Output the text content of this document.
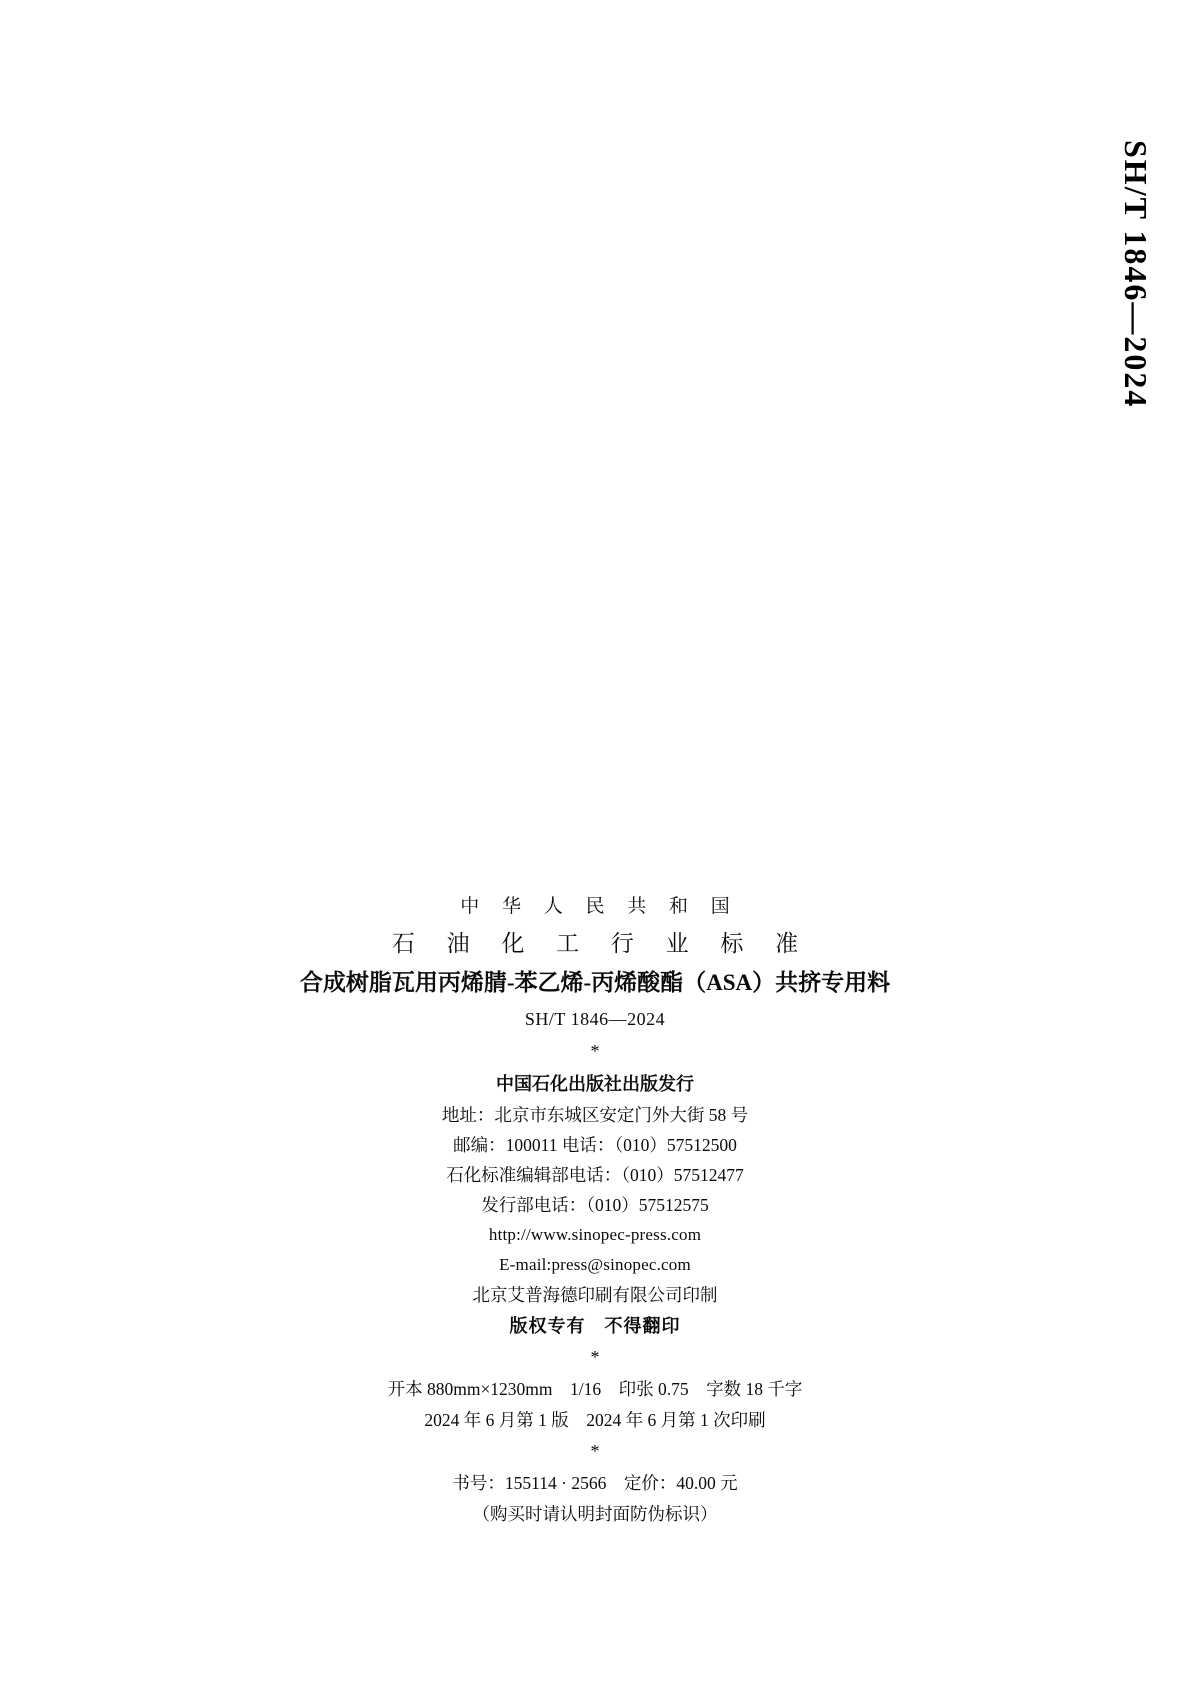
SH/T 1846—2024
中 华 人 民 共 和 国
石 油 化 工 行 业 标 准
合成树脂瓦用丙烯腈-苯乙烯-丙烯酸酯（ASA）共挤专用料
SH/T 1846—2024
*
中国石化出版社出版发行
地址：北京市东城区安定门外大街 58 号
邮编：100011 电话：（010）57512500
石化标准编辑部电话：（010）57512477
发行部电话：（010）57512575
http://www.sinopec-press.com
E-mail:press@sinopec.com
北京艾普海德印刷有限公司印制
版权专有　不得翻印
*
开本 880mm×1230mm　1/16　印张 0.75　字数 18 千字
2024 年 6 月第 1 版　2024 年 6 月第 1 次印刷
*
书号：155114 · 2566　定价：40.00 元
（购买时请认明封面防伪标识）
